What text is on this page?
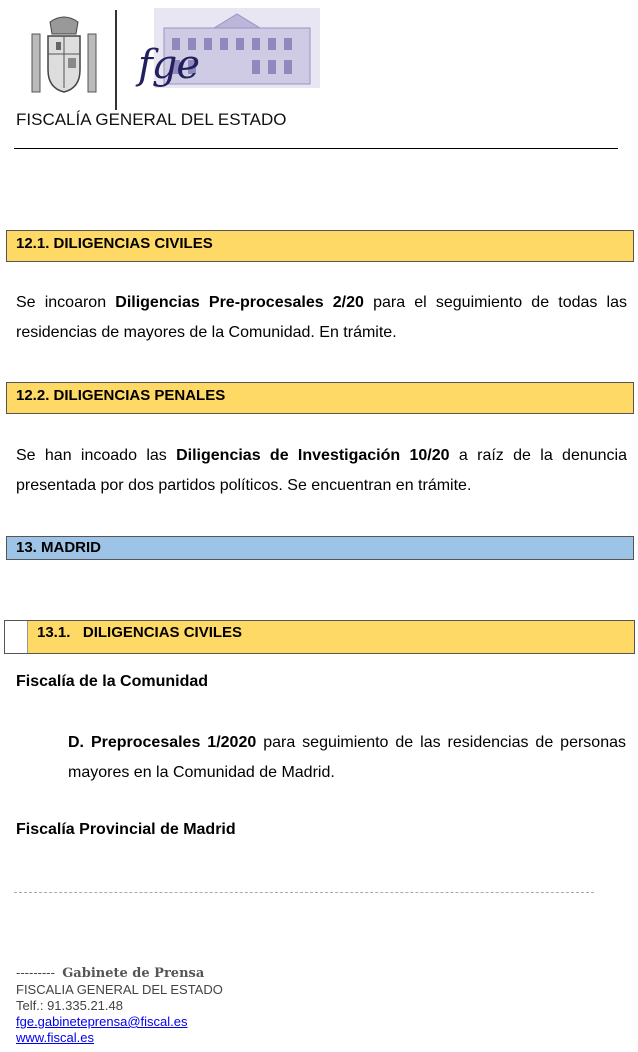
fge
FISCALÍA GENERAL DEL ESTADO
12.1. DILIGENCIAS CIVILES
Se incoaron Diligencias Pre-procesales 2/20 para el seguimiento de todas las residencias de mayores de la Comunidad. En trámite.
12.2. DILIGENCIAS PENALES
Se han incoado las Diligencias de Investigación 10/20 a raíz de la denuncia presentada por dos partidos políticos. Se encuentran en trámite.
13. MADRID
13.1.   DILIGENCIAS CIVILES
Fiscalía de la Comunidad
D. Preprocesales 1/2020 para seguimiento de las residencias de personas mayores en la Comunidad de Madrid.
Fiscalía Provincial de Madrid
--------- Gabinete de Prensa
FISCALIA GENERAL DEL ESTADO
Telf.: 91.335.21.48
fge.gabineteprensa@fiscal.es
www.fiscal.es
